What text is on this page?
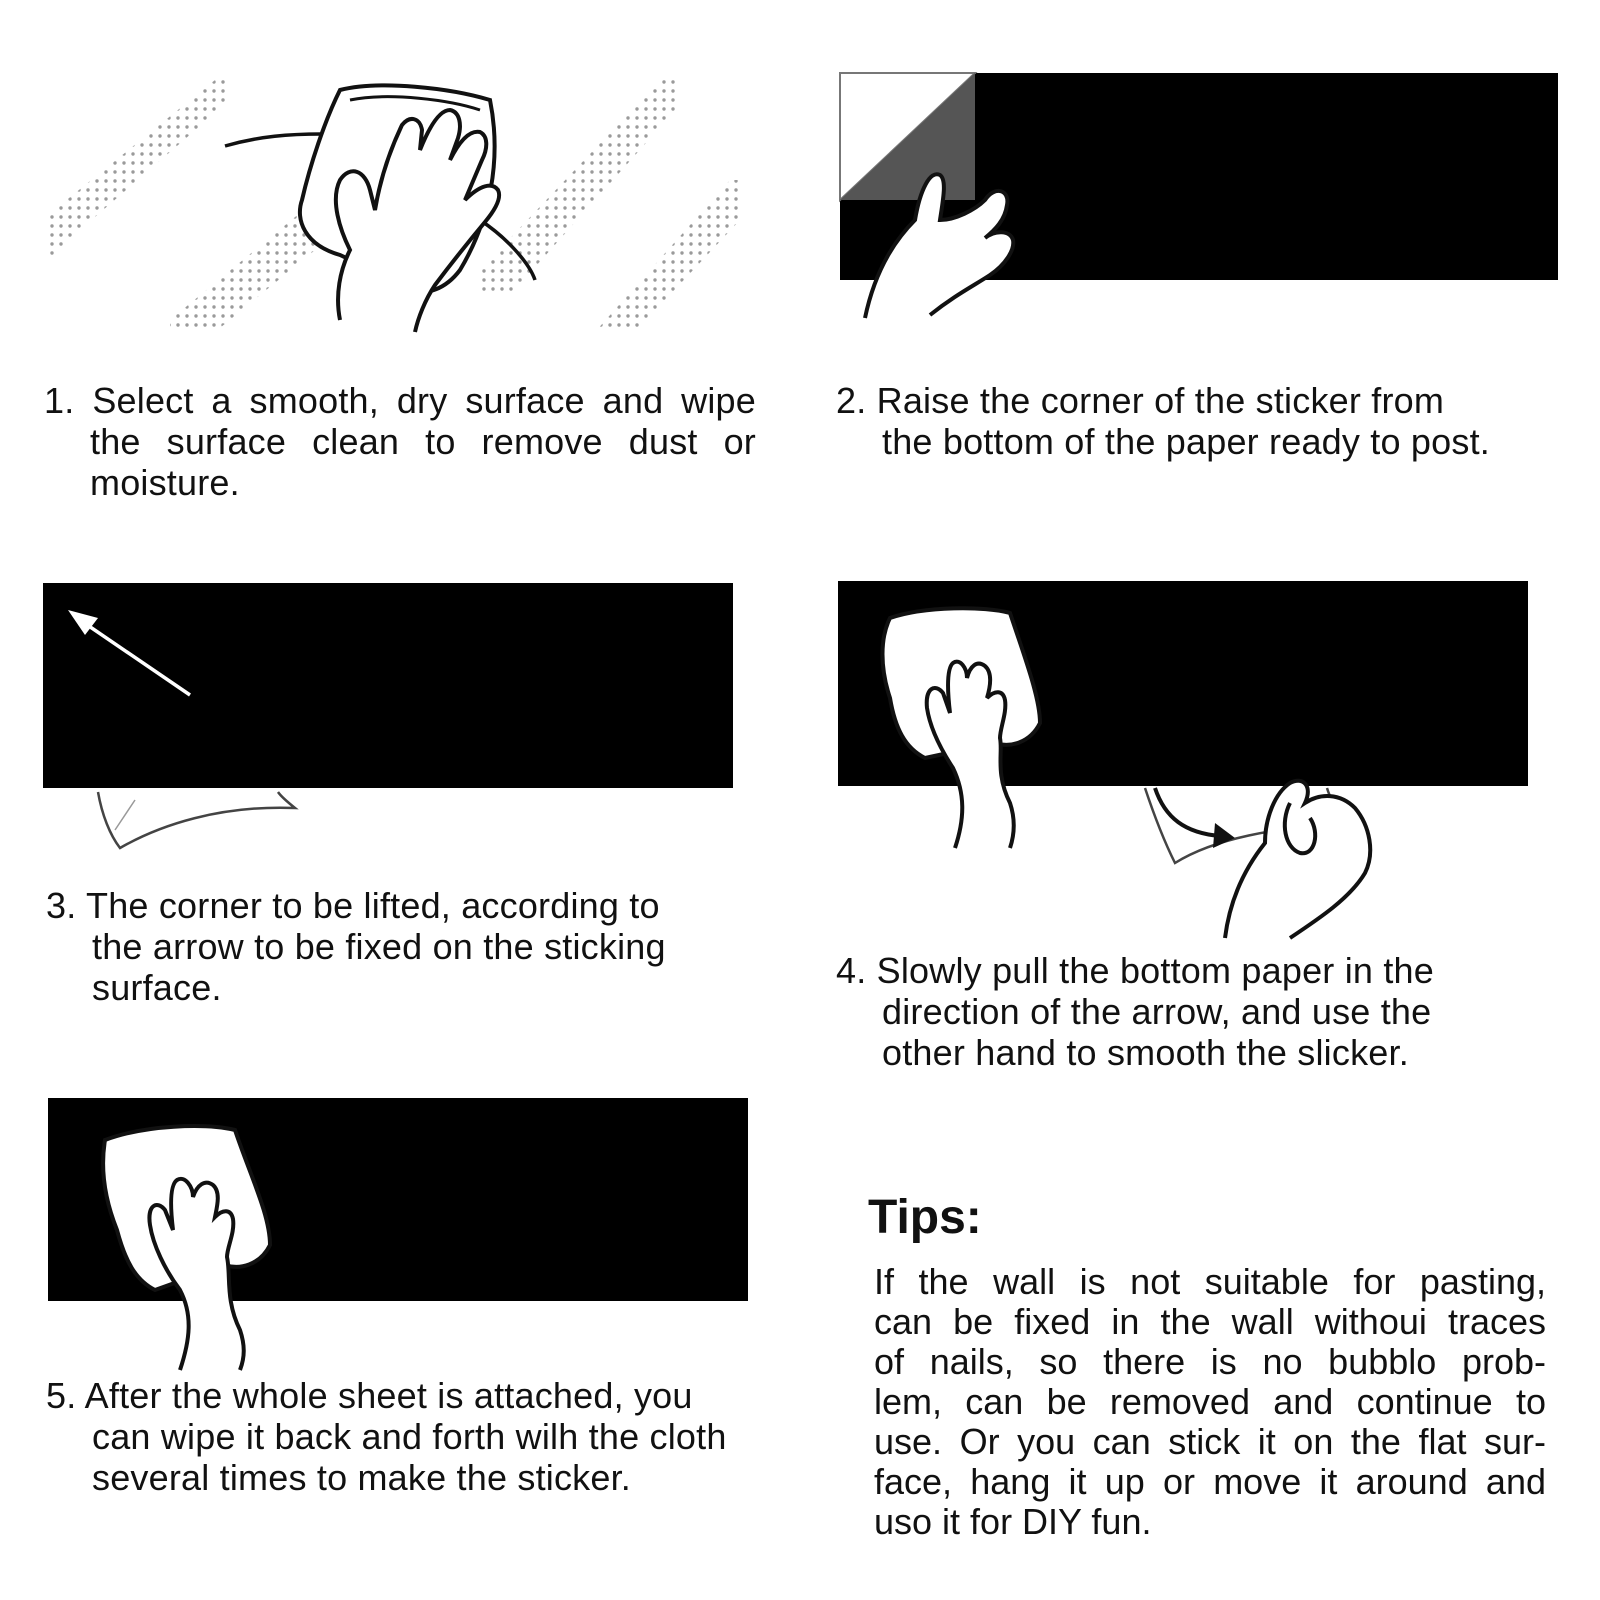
1. Select a smooth, dry surface and wipe
the surface clean to remove dust or
moisture.
2. Raise the corner of the sticker from
the bottom of the paper ready to post.
3. The corner to be lifted, according to
the arrow to be fixed on the sticking
surface.	4. Slowly pull the bottom paper in the
direction of the arrow, and use the
other hand to smooth the slicker.
5. After the whole sheet is attached, you
can wipe it back and forth wilh the cloth
several times to make the sticker.
Tips:
If the wall is not suitable for pasting,
can be fixed in the wall withoui traces
of nails, so there is no bubblo prob-
lem, can be removed and continue to
use. Or you can stick it on the flat sur-
face, hang it up or move it around and
uso it for DIY fun.
